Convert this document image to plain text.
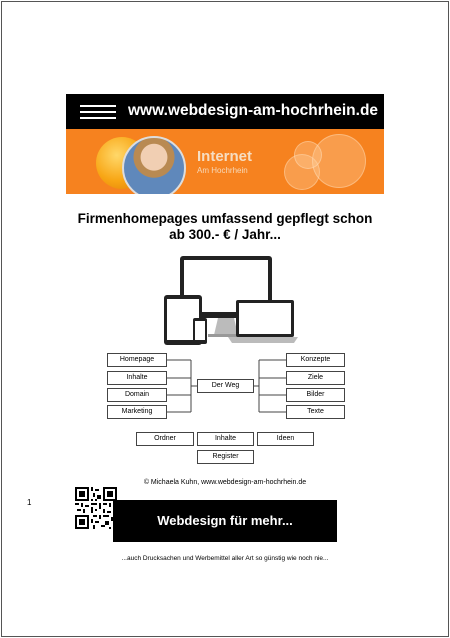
www.webdesign-am-hochrhein.de
Internet
Am Hochrhein
Firmenhomepages umfassend gepflegt schon
ab 300.- € / Jahr...
Homepage
Inhalte
Domain
Marketing
Der Weg
Konzepte
Ziele
Bilder
Texte
Ordner	Inhalte	Ideen
Register
© Michaela Kuhn, www.webdesign-am-hochrhein.de
1
Webdesign für mehr...
...auch Drucksachen und Werbemittel aller Art so günstig wie noch nie...
